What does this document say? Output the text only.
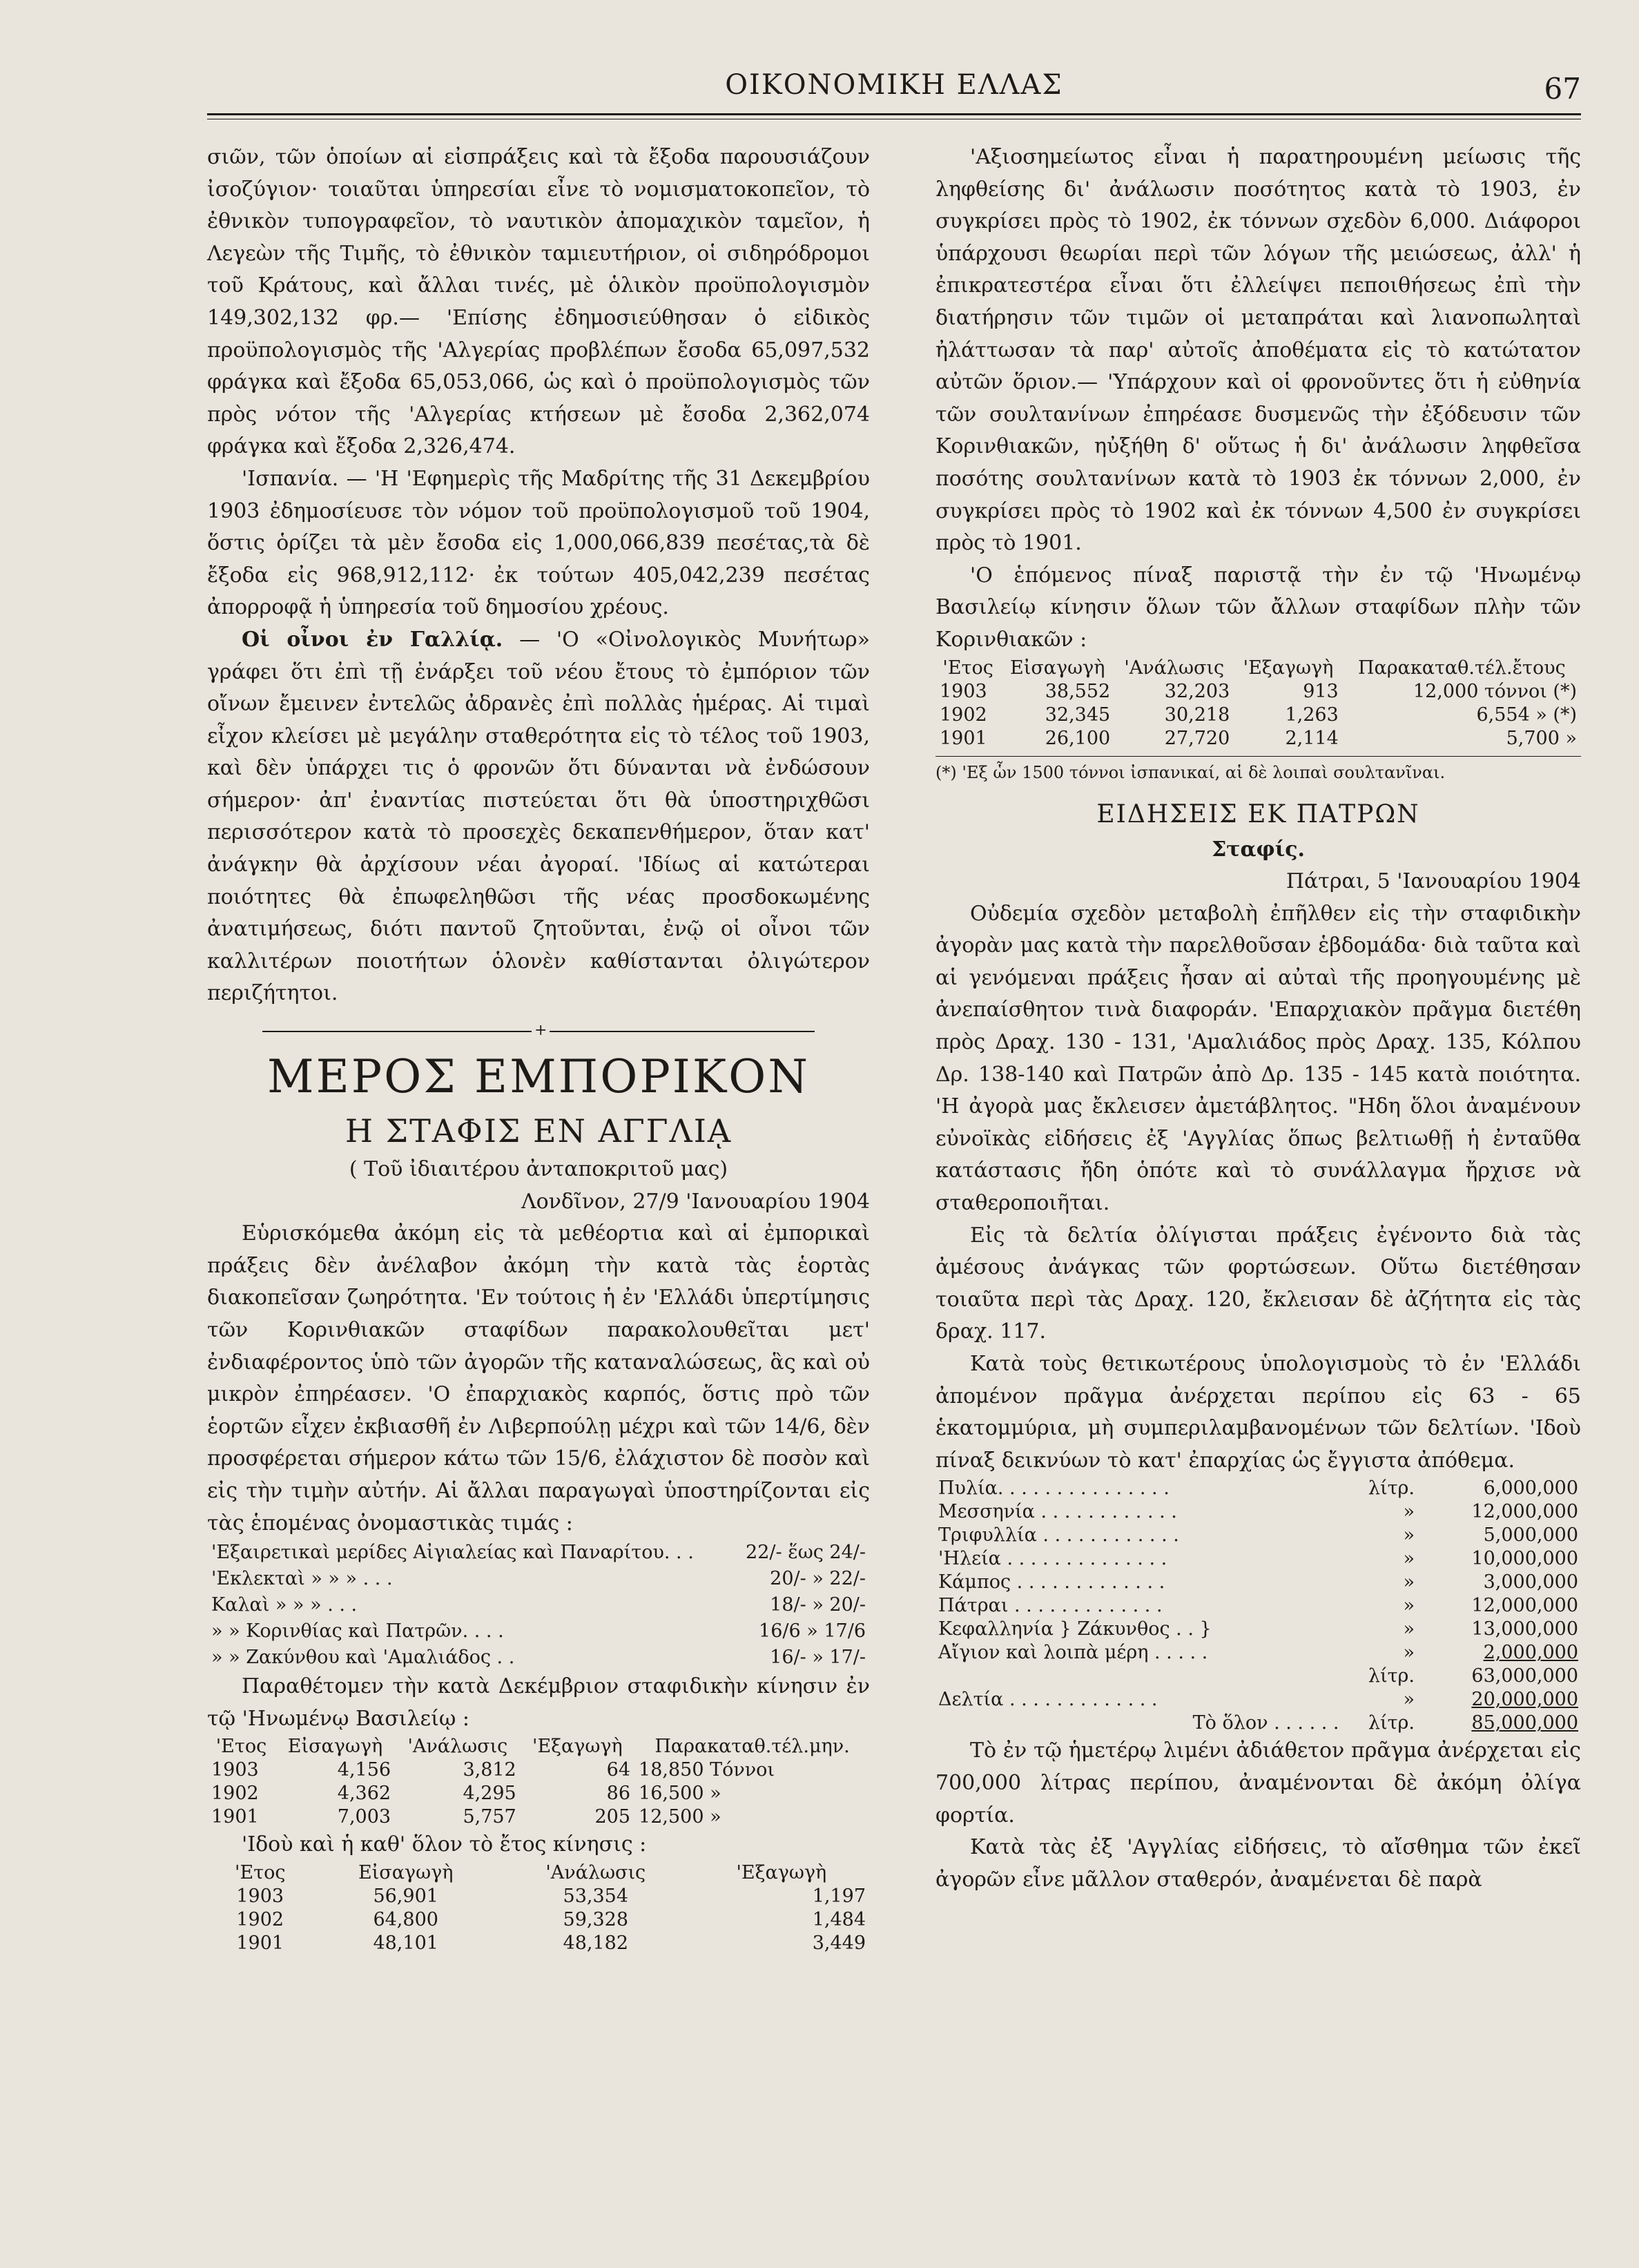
ΟΙΚΟΝΟΜΙΚΗ ΕΛΛΑΣ	67

σιῶν, τῶν ὁποίων αἱ εἰσπράξεις καὶ τὰ ἔξοδα παρουσιάζουν ἰσοζύγιον· τοιαῦται ὑπηρεσίαι εἶνε τὸ νομισματοκοπεῖον, τὸ ἐθνικὸν τυπογραφεῖον, τὸ ναυτικὸν ἀπομαχικὸν ταμεῖον, ἡ Λεγεὼν τῆς Τιμῆς, τὸ ἐθνικὸν ταμιευτήριον, οἱ σιδηρόδρομοι τοῦ Κράτους, καὶ ἄλλαι τινές, μὲ ὁλικὸν προϋπολογισμὸν 149,302,132 φρ.— 'Επίσης ἐδημοσιεύθησαν ὁ εἰδικὸς προϋπολογισμὸς τῆς 'Αλγερίας προβλέπων ἔσοδα 65,097,532 φράγκα καὶ ἔξοδα 65,053,066, ὡς καὶ ὁ προϋπολογισμὸς τῶν πρὸς νότον τῆς 'Αλγερίας κτήσεων μὲ ἔσοδα 2,362,074 φράγκα καὶ ἔξοδα 2,326,474.

'Ισπανία. — 'Η 'Εφημερὶς τῆς Μαδρίτης τῆς 31 Δεκεμβρίου 1903 ἐδημοσίευσε τὸν νόμον τοῦ προϋπολογισμοῦ τοῦ 1904, ὅστις ὁρίζει τὰ μὲν ἔσοδα εἰς 1,000,066,839 πεσέτας,τὰ δὲ ἔξοδα εἰς 968,912,112· ἐκ τούτων 405,042,239 πεσέτας ἀπορροφᾷ ἡ ὑπηρεσία τοῦ δημοσίου χρέους.

Οἱ οἶνοι ἐν Γαλλίᾳ. — 'Ο «Οἰνολογικὸς Μυνήτωρ» γράφει ὅτι ἐπὶ τῇ ἐνάρξει τοῦ νέου ἔτους τὸ ἐμπόριον τῶν οἴνων ἔμεινεν ἐντελῶς ἀδρανὲς ἐπὶ πολλὰς ἡμέρας. Αἱ τιμαὶ εἶχον κλείσει μὲ μεγάλην σταθερότητα εἰς τὸ τέλος τοῦ 1903, καὶ δὲν ὑπάρχει τις ὁ φρονῶν ὅτι δύνανται νὰ ἐνδώσουν σήμερον· ἀπ' ἐναντίας πιστεύεται ὅτι θὰ ὑποστηριχθῶσι περισσότερον κατὰ τὸ προσεχὲς δεκαπενθήμερον, ὅταν κατ' ἀνάγκην θὰ ἀρχίσουν νέαι ἀγοραί. 'Ιδίως αἱ κατώτεραι ποιότητες θὰ ἐπωφεληθῶσι τῆς νέας προσδοκωμένης ἀνατιμήσεως, διότι παντοῦ ζητοῦνται, ἐνῷ οἱ οἶνοι τῶν καλλιτέρων ποιοτήτων ὁλονὲν καθίστανται ὀλιγώτερον περιζήτητοι.

+
ΜΕΡΟΣ ΕΜΠΟΡΙΚΟΝ
Η ΣΤΑΦΙΣ ΕΝ ΑΓΓΛΙᾼ
( Τοῦ ἰδιαιτέρου ἀνταποκριτοῦ μας)
Λονδῖνον, 27/9 'Ιανουαρίου 1904

Εὑρισκόμεθα ἀκόμη εἰς τὰ μεθέορτια καὶ αἱ ἐμπορικαὶ πράξεις δὲν ἀνέλαβον ἀκόμη τὴν κατὰ τὰς ἑορτὰς διακοπεῖσαν ζωηρότητα. 'Εν τούτοις ἡ ἐν 'Ελλάδι ὑπερτίμησις τῶν Κορινθιακῶν σταφίδων παρακολουθεῖται μετ' ἐνδιαφέροντος ὑπὸ τῶν ἀγορῶν τῆς καταναλώσεως, ἃς καὶ οὐ μικρὸν ἐπηρέασεν. 'Ο ἐπαρχιακὸς καρπός, ὅστις πρὸ τῶν ἑορτῶν εἶχεν ἐκβιασθῆ ἐν Λιβερπούλῃ μέχρι καὶ τῶν 14/6, δὲν προσφέρεται σήμερον κάτω τῶν 15/6, ἐλάχιστον δὲ ποσὸν καὶ εἰς τὴν τιμὴν αὐτήν. Αἱ ἄλλαι παραγωγαὶ ὑποστηρίζονται εἰς τὰς ἑπομένας ὀνομαστικὰς τιμάς :

'Εξαιρετικαὶ μερίδες Αἰγιαλείας καὶ Παναρίτου. . .	22/- ἕως 24/-
'Εκλεκταὶ » » » . . .	20/- » 22/-
Καλαὶ » » » . . .	18/- » 20/-
» » Κορινθίας καὶ Πατρῶν. . . .	16/6 » 17/6
» » Ζακύνθου καὶ 'Αμαλιάδος . .	16/- » 17/-

Παραθέτομεν τὴν κατὰ Δεκέμβριον σταφιδικὴν κίνησιν ἐν τῷ 'Ηνωμένῳ Βασιλείῳ :

'Ετος	Εἰσαγωγὴ	'Ανάλωσις	'Εξαγωγὴ	Παρακαταθ.τέλ.μην.
1903	4,156	3,812	64	18,850 Τόννοι
1902	4,362	4,295	86	16,500 »
1901	7,003	5,757	205	12,500 »

'Ιδοὺ καὶ ἡ καθ' ὅλον τὸ ἔτος κίνησις :

'Ετος	Εἰσαγωγὴ	'Ανάλωσις	'Εξαγωγὴ
1903	56,901	53,354	1,197
1902	64,800	59,328	1,484
1901	48,101	48,182	3,449

'Αξιοσημείωτος εἶναι ἡ παρατηρουμένη μείωσις τῆς ληφθείσης δι' ἀνάλωσιν ποσότητος κατὰ τὸ 1903, ἐν συγκρίσει πρὸς τὸ 1902, ἐκ τόννων σχεδὸν 6,000. Διάφοροι ὑπάρχουσι θεωρίαι περὶ τῶν λόγων τῆς μειώσεως, ἀλλ' ἡ ἐπικρατεστέρα εἶναι ὅτι ἐλλείψει πεποιθήσεως ἐπὶ τὴν διατήρησιν τῶν τιμῶν οἱ μεταπράται καὶ λιανοπωληταὶ ἠλάττωσαν τὰ παρ' αὐτοῖς ἀποθέματα εἰς τὸ κατώτατον αὐτῶν ὅριον.— 'Υπάρχουν καὶ οἱ φρονοῦντες ὅτι ἡ εὐθηνία τῶν σουλτανίνων ἐπηρέασε δυσμενῶς τὴν ἐξόδευσιν τῶν Κορινθιακῶν, ηὐξήθη δ' οὕτως ἡ δι' ἀνάλωσιν ληφθεῖσα ποσότης σουλτανίνων κατὰ τὸ 1903 ἐκ τόννων 2,000, ἐν συγκρίσει πρὸς τὸ 1902 καὶ ἐκ τόννων 4,500 ἐν συγκρίσει πρὸς τὸ 1901.

'Ο ἑπόμενος πίναξ παριστᾷ τὴν ἐν τῷ 'Ηνωμένῳ Βασιλείῳ κίνησιν ὅλων τῶν ἄλλων σταφίδων πλὴν τῶν Κορινθιακῶν :

'Ετος	Εἰσαγωγὴ	'Ανάλωσις	'Εξαγωγὴ	Παρακαταθ.τέλ.ἔτους
1903	38,552	32,203	913	12,000 τόννοι (*)
1902	32,345	30,218	1,263	6,554 » (*)
1901	26,100	27,720	2,114	5,700 »
(*) 'Εξ ὧν 1500 τόννοι ἰσπανικαί, αἱ δὲ λοιπαὶ σουλτανῖναι.
ΕΙΔΗΣΕΙΣ ΕΚ ΠΑΤΡΩΝ
Σταφίς.
Πάτραι, 5 'Ιανουαρίου 1904

Οὐδεμία σχεδὸν μεταβολὴ ἐπῆλθεν εἰς τὴν σταφιδικὴν ἀγορὰν μας κατὰ τὴν παρελθοῦσαν ἑβδομάδα· διὰ ταῦτα καὶ αἱ γενόμεναι πράξεις ἦσαν αἱ αὐταὶ τῆς προηγουμένης μὲ ἀνεπαίσθητον τινὰ διαφοράν. 'Επαρχιακὸν πρᾶγμα διετέθη πρὸς Δραχ. 130 - 131, 'Αμαλιάδος πρὸς Δραχ. 135, Κόλπου Δρ. 138-140 καὶ Πατρῶν ἀπὸ Δρ. 135 - 145 κατὰ ποιότητα. 'Η ἀγορὰ μας ἔκλεισεν ἀμετάβλητος. "Ηδη ὅλοι ἀναμένουν εὐνοϊκὰς εἰδήσεις ἐξ 'Αγγλίας ὅπως βελτιωθῇ ἡ ἐνταῦθα κατάστασις ἤδη ὁπότε καὶ τὸ συνάλλαγμα ἤρχισε νὰ σταθεροποιῆται.

Εἰς τὰ δελτία ὀλίγισται πράξεις ἐγένοντο διὰ τὰς ἀμέσους ἀνάγκας τῶν φορτώσεων. Οὕτω διετέθησαν τοιαῦτα περὶ τὰς Δραχ. 120, ἔκλεισαν δὲ ἀζήτητα εἰς τὰς δραχ. 117.

Κατὰ τοὺς θετικωτέρους ὑπολογισμοὺς τὸ ἐν 'Ελλάδι ἀπομένον πρᾶγμα ἀνέρχεται περίπου εἰς 63 - 65 ἑκατομμύρια, μὴ συμπεριλαμβανομένων τῶν δελτίων. 'Ιδοὺ πίναξ δεικνύων τὸ κατ' ἐπαρχίας ὡς ἔγγιστα ἀπόθεμα.

Πυλία. . . . . . . . . . . . . . .	λίτρ.	6,000,000
Μεσσηνία . . . . . . . . . . . .	»	12,000,000
Τριφυλλία . . . . . . . . . . . .	»	5,000,000
'Ηλεία . . . . . . . . . . . . . .	»	10,000,000
Κάμπος . . . . . . . . . . . . .	»	3,000,000
Πάτραι . . . . . . . . . . . . .	»	12,000,000
Κεφαλληνία } Ζάκυνθος . . }	»	13,000,000
Αἴγιον καὶ λοιπὰ μέρη . . . . .	»	2,000,000
	λίτρ.	63,000,000
Δελτία . . . . . . . . . . . . .	»	20,000,000
Τὸ ὅλον . . . . . .	λίτρ.	85,000,000

Τὸ ἐν τῷ ἡμετέρῳ λιμένι ἀδιάθετον πρᾶγμα ἀνέρχεται εἰς 700,000 λίτρας περίπου, ἀναμένονται δὲ ἀκόμη ὀλίγα φορτία.

Κατὰ τὰς ἐξ 'Αγγλίας εἰδήσεις, τὸ αἴσθημα τῶν ἐκεῖ ἀγορῶν εἶνε μᾶλλον σταθερόν, ἀναμένεται δὲ παρὰ
